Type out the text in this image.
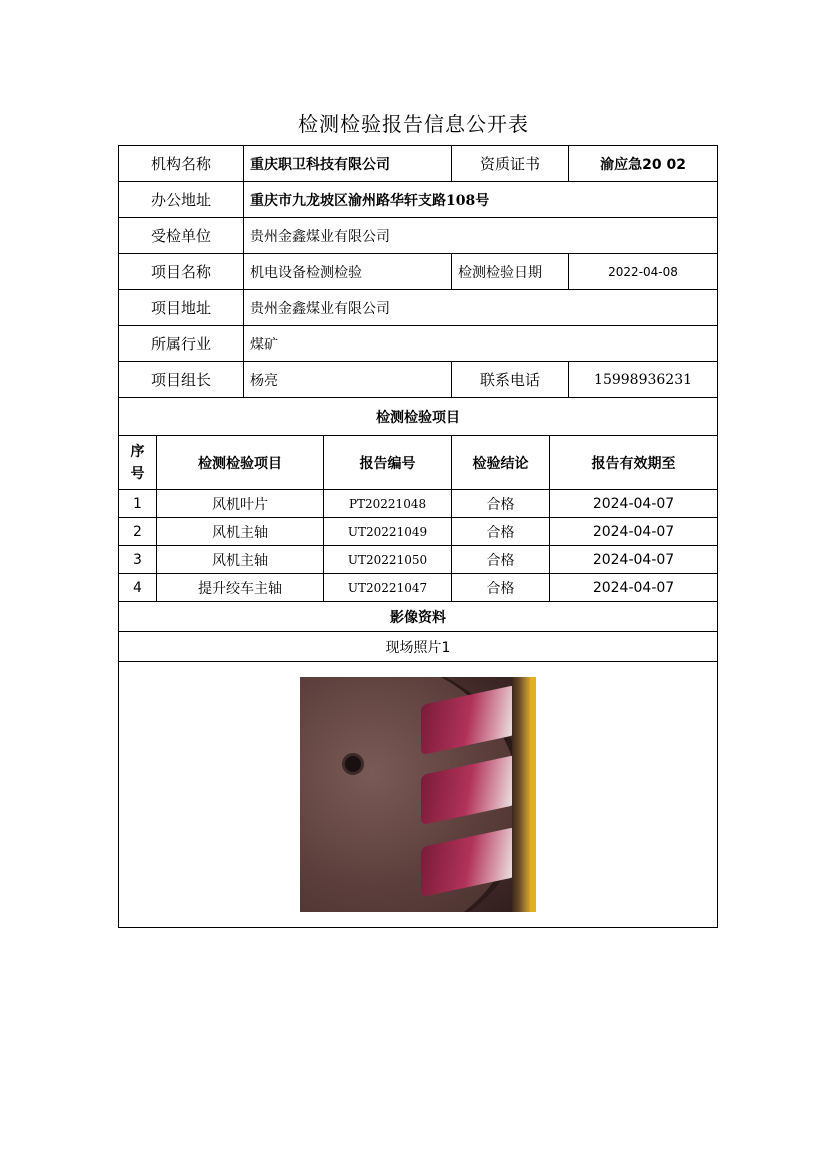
检测检验报告信息公开表
机构名称		重庆职卫科技有限公司		资质证书		渝应急20 02
办公地址		重庆市九龙坡区渝州路华轩支路108号				
受检单位		贵州金鑫煤业有限公司				
项目名称		机电设备检测检验		检测检验日期		2022-04-08
项目地址		贵州金鑫煤业有限公司				
所属行业		煤矿				
项目组长		杨亮		联系电话		15998936231
检测检验项目						
序
号	检测检验项目		报告编号	检验结论	报告有效期至	
1	风机叶片		PT20221048	合格	2024-04-07	
2	风机主轴		UT20221049	合格	2024-04-07	
3	风机主轴		UT20221050	合格	2024-04-07	
4	提升绞车主轴		UT20221047	合格	2024-04-07	
影像资料						
现场照片1						
